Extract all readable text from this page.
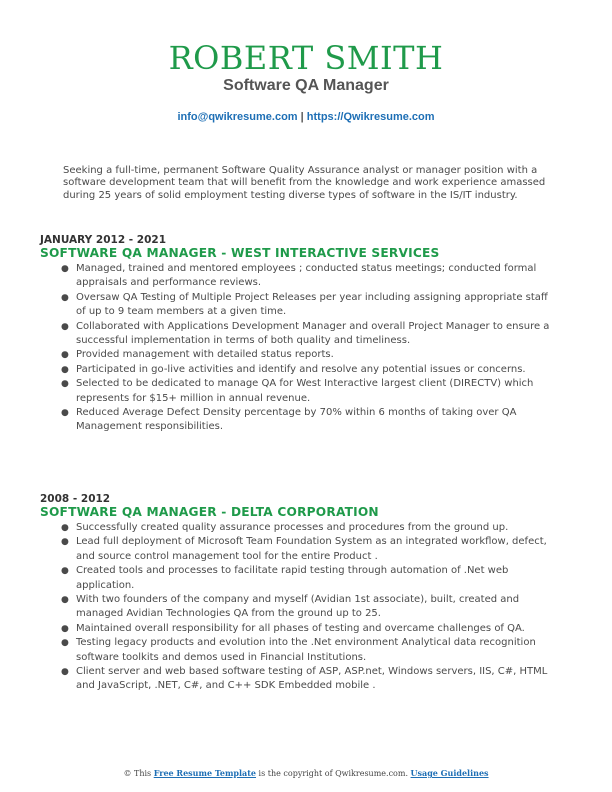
ROBERT SMITH
Software QA Manager
info@qwikresume.com | https://Qwikresume.com
Seeking a full-time, permanent Software Quality Assurance analyst or manager position with a software development team that will benefit from the knowledge and work experience amassed during 25 years of solid employment testing diverse types of software in the IS/IT industry.
JANUARY 2012 - 2021
SOFTWARE QA MANAGER - WEST INTERACTIVE SERVICES
● Managed, trained and mentored employees ; conducted status meetings; conducted formal appraisals and performance reviews.
● Oversaw QA Testing of Multiple Project Releases per year including assigning appropriate staff of up to 9 team members at a given time.
● Collaborated with Applications Development Manager and overall Project Manager to ensure a successful implementation in terms of both quality and timeliness.
● Provided management with detailed status reports.
● Participated in go-live activities and identify and resolve any potential issues or concerns.
● Selected to be dedicated to manage QA for West Interactive largest client (DIRECTV) which represents for $15+ million in annual revenue.
● Reduced Average Defect Density percentage by 70% within 6 months of taking over QA Management responsibilities.
2008 - 2012
SOFTWARE QA MANAGER - DELTA CORPORATION
● Successfully created quality assurance processes and procedures from the ground up.
● Lead full deployment of Microsoft Team Foundation System as an integrated workflow, defect, and source control management tool for the entire Product .
● Created tools and processes to facilitate rapid testing through automation of .Net web application.
● With two founders of the company and myself (Avidian 1st associate), built, created and managed Avidian Technologies QA from the ground up to 25.
● Maintained overall responsibility for all phases of testing and overcame challenges of QA.
● Testing legacy products and evolution into the .Net environment Analytical data recognition software toolkits and demos used in Financial Institutions.
● Client server and web based software testing of ASP, ASP.net, Windows servers, IIS, C#, HTML and JavaScript, .NET, C#, and C++ SDK Embedded mobile .
© This Free Resume Template is the copyright of Qwikresume.com. Usage Guidelines
